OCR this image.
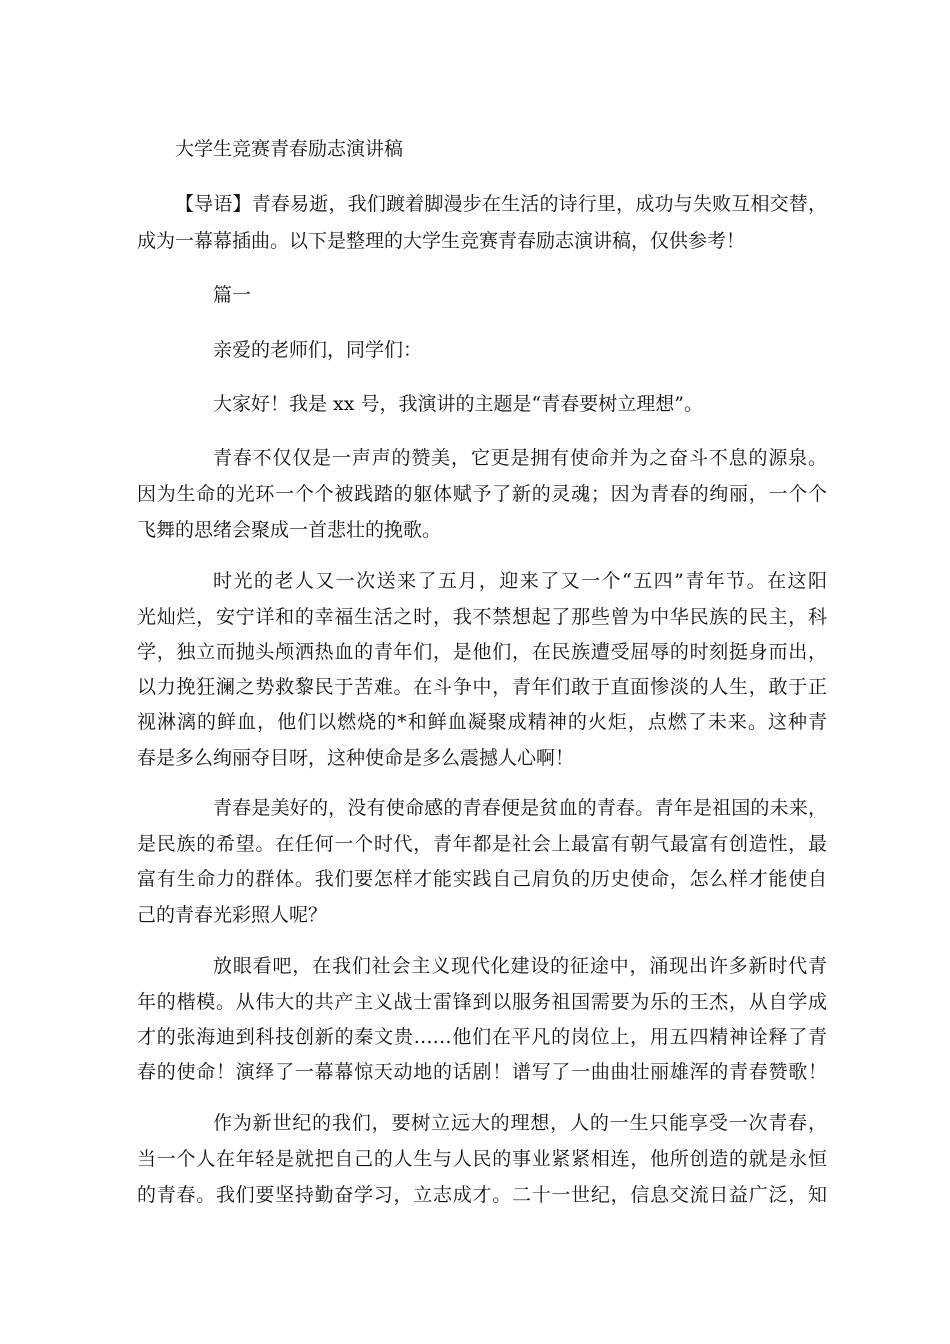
大学生竞赛青春励志演讲稿
【导语】青春易逝，我们踱着脚漫步在生活的诗行里，成功与失败互相交替，
成为一幕幕插曲。以下是整理的大学生竞赛青春励志演讲稿，仅供参考！
篇一
亲爱的老师们，同学们：
大家好！我是 xx 号，我演讲的主题是“青春要树立理想”。
青春不仅仅是一声声的赞美，它更是拥有使命并为之奋斗不息的源泉。
因为生命的光环一个个被践踏的躯体赋予了新的灵魂；因为青春的绚丽，一个个
飞舞的思绪会聚成一首悲壮的挽歌。
时光的老人又一次送来了五月，迎来了又一个“五四”青年节。在这阳
光灿烂，安宁详和的幸福生活之时，我不禁想起了那些曾为中华民族的民主，科
学，独立而抛头颅洒热血的青年们，是他们，在民族遭受屈辱的时刻挺身而出，
以力挽狂澜之势救黎民于苦难。在斗争中，青年们敢于直面惨淡的人生，敢于正
视淋漓的鲜血，他们以燃烧的*和鲜血凝聚成精神的火炬，点燃了未来。这种青
春是多么绚丽夺目呀，这种使命是多么震撼人心啊！
青春是美好的，没有使命感的青春便是贫血的青春。青年是祖国的未来，
是民族的希望。在任何一个时代，青年都是社会上最富有朝气最富有创造性，最
富有生命力的群体。我们要怎样才能实践自己肩负的历史使命，怎么样才能使自
己的青春光彩照人呢？
放眼看吧，在我们社会主义现代化建设的征途中，涌现出许多新时代青
年的楷模。从伟大的共产主义战士雷锋到以服务祖国需要为乐的王杰，从自学成
才的张海迪到科技创新的秦文贵……他们在平凡的岗位上，用五四精神诠释了青
春的使命！演绎了一幕幕惊天动地的话剧！谱写了一曲曲壮丽雄浑的青春赞歌！
作为新世纪的我们，要树立远大的理想，人的一生只能享受一次青春，
当一个人在年轻是就把自己的人生与人民的事业紧紧相连，他所创造的就是永恒
的青春。我们要坚持勤奋学习，立志成才。二十一世纪，信息交流日益广泛，知
